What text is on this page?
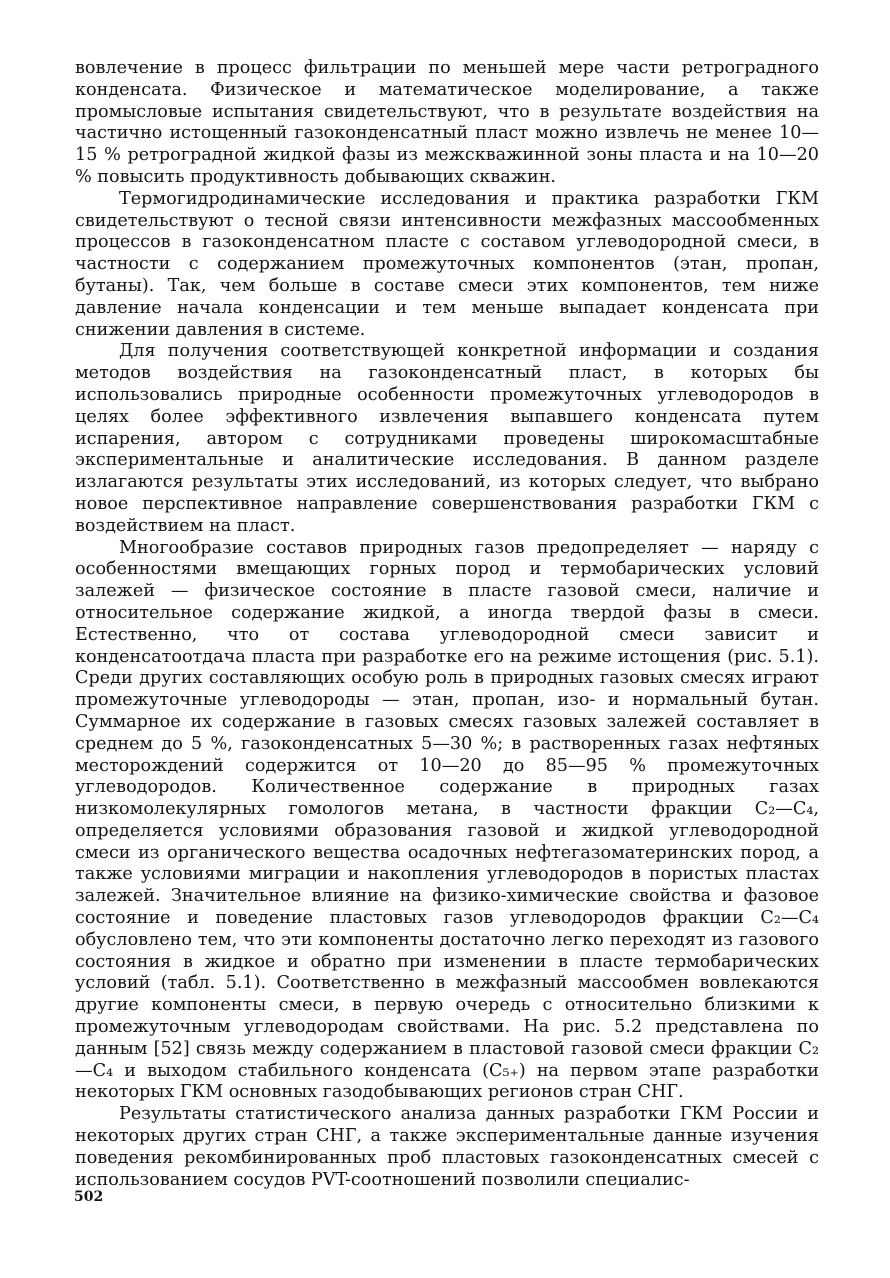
вовлечение в процесс фильтрации по меньшей мере части ретроградного конденсата. Физическое и математическое моделирование, а также промысловые испытания свидетельствуют, что в результате воздействия на частично истощенный газоконденсатный пласт можно извлечь не менее 10—15 % ретроградной жидкой фазы из межскважинной зоны пласта и на 10—20 % повысить продуктивность добывающих скважин.

Термогидродинамические исследования и практика разработки ГКМ свидетельствуют о тесной связи интенсивности межфазных массообменных процессов в газоконденсатном пласте с составом углеводородной смеси, в частности с содержанием промежуточных компонентов (этан, пропан, бутаны). Так, чем больше в составе смеси этих компонентов, тем ниже давление начала конденсации и тем меньше выпадает конденсата при снижении давления в системе.

Для получения соответствующей конкретной информации и создания методов воздействия на газоконденсатный пласт, в которых бы использовались природные особенности промежуточных углеводородов в целях более эффективного извлечения выпавшего конденсата путем испарения, автором с сотрудниками проведены широкомасштабные экспериментальные и аналитические исследования. В данном разделе излагаются результаты этих исследований, из которых следует, что выбрано новое перспективное направление совершенствования разработки ГКМ с воздействием на пласт.

Многообразие составов природных газов предопределяет — наряду с особенностями вмещающих горных пород и термобарических условий залежей — физическое состояние в пласте газовой смеси, наличие и относительное содержание жидкой, а иногда твердой фазы в смеси. Естественно, что от состава углеводородной смеси зависит и конденсатоотдача пласта при разработке его на режиме истощения (рис. 5.1). Среди других составляющих особую роль в природных газовых смесях играют промежуточные углеводороды — этан, пропан, изо- и нормальный бутан. Суммарное их содержание в газовых смесях газовых залежей составляет в среднем до 5 %, газоконденсатных 5—30 %; в растворенных газах нефтяных месторождений содержится от 10—20 до 85—95 % промежуточных углеводородов. Количественное содержание в природных газах низкомолекулярных гомологов метана, в частности фракции C₂—C₄, определяется условиями образования газовой и жидкой углеводородной смеси из органического вещества осадочных нефтегазоматеринских пород, а также условиями миграции и накопления углеводородов в пористых пластах залежей. Значительное влияние на физико-химические свойства и фазовое состояние и поведение пластовых газов углеводородов фракции C₂—C₄ обусловлено тем, что эти компоненты достаточно легко переходят из газового состояния в жидкое и обратно при изменении в пласте термобарических условий (табл. 5.1). Соответственно в межфазный массообмен вовлекаются другие компоненты смеси, в первую очередь с относительно близкими к промежуточным углеводородам свойствами. На рис. 5.2 представлена по данным [52] связь между содержанием в пластовой газовой смеси фракции C₂—C₄ и выходом стабильного конденсата (C₅₊) на первом этапе разработки некоторых ГКМ основных газодобывающих регионов стран СНГ.

Результаты статистического анализа данных разработки ГКМ России и некоторых других стран СНГ, а также экспериментальные данные изучения поведения рекомбинированных проб пластовых газоконденсатных смесей с использованием сосудов PVT-соотношений позволили специалис-

502
